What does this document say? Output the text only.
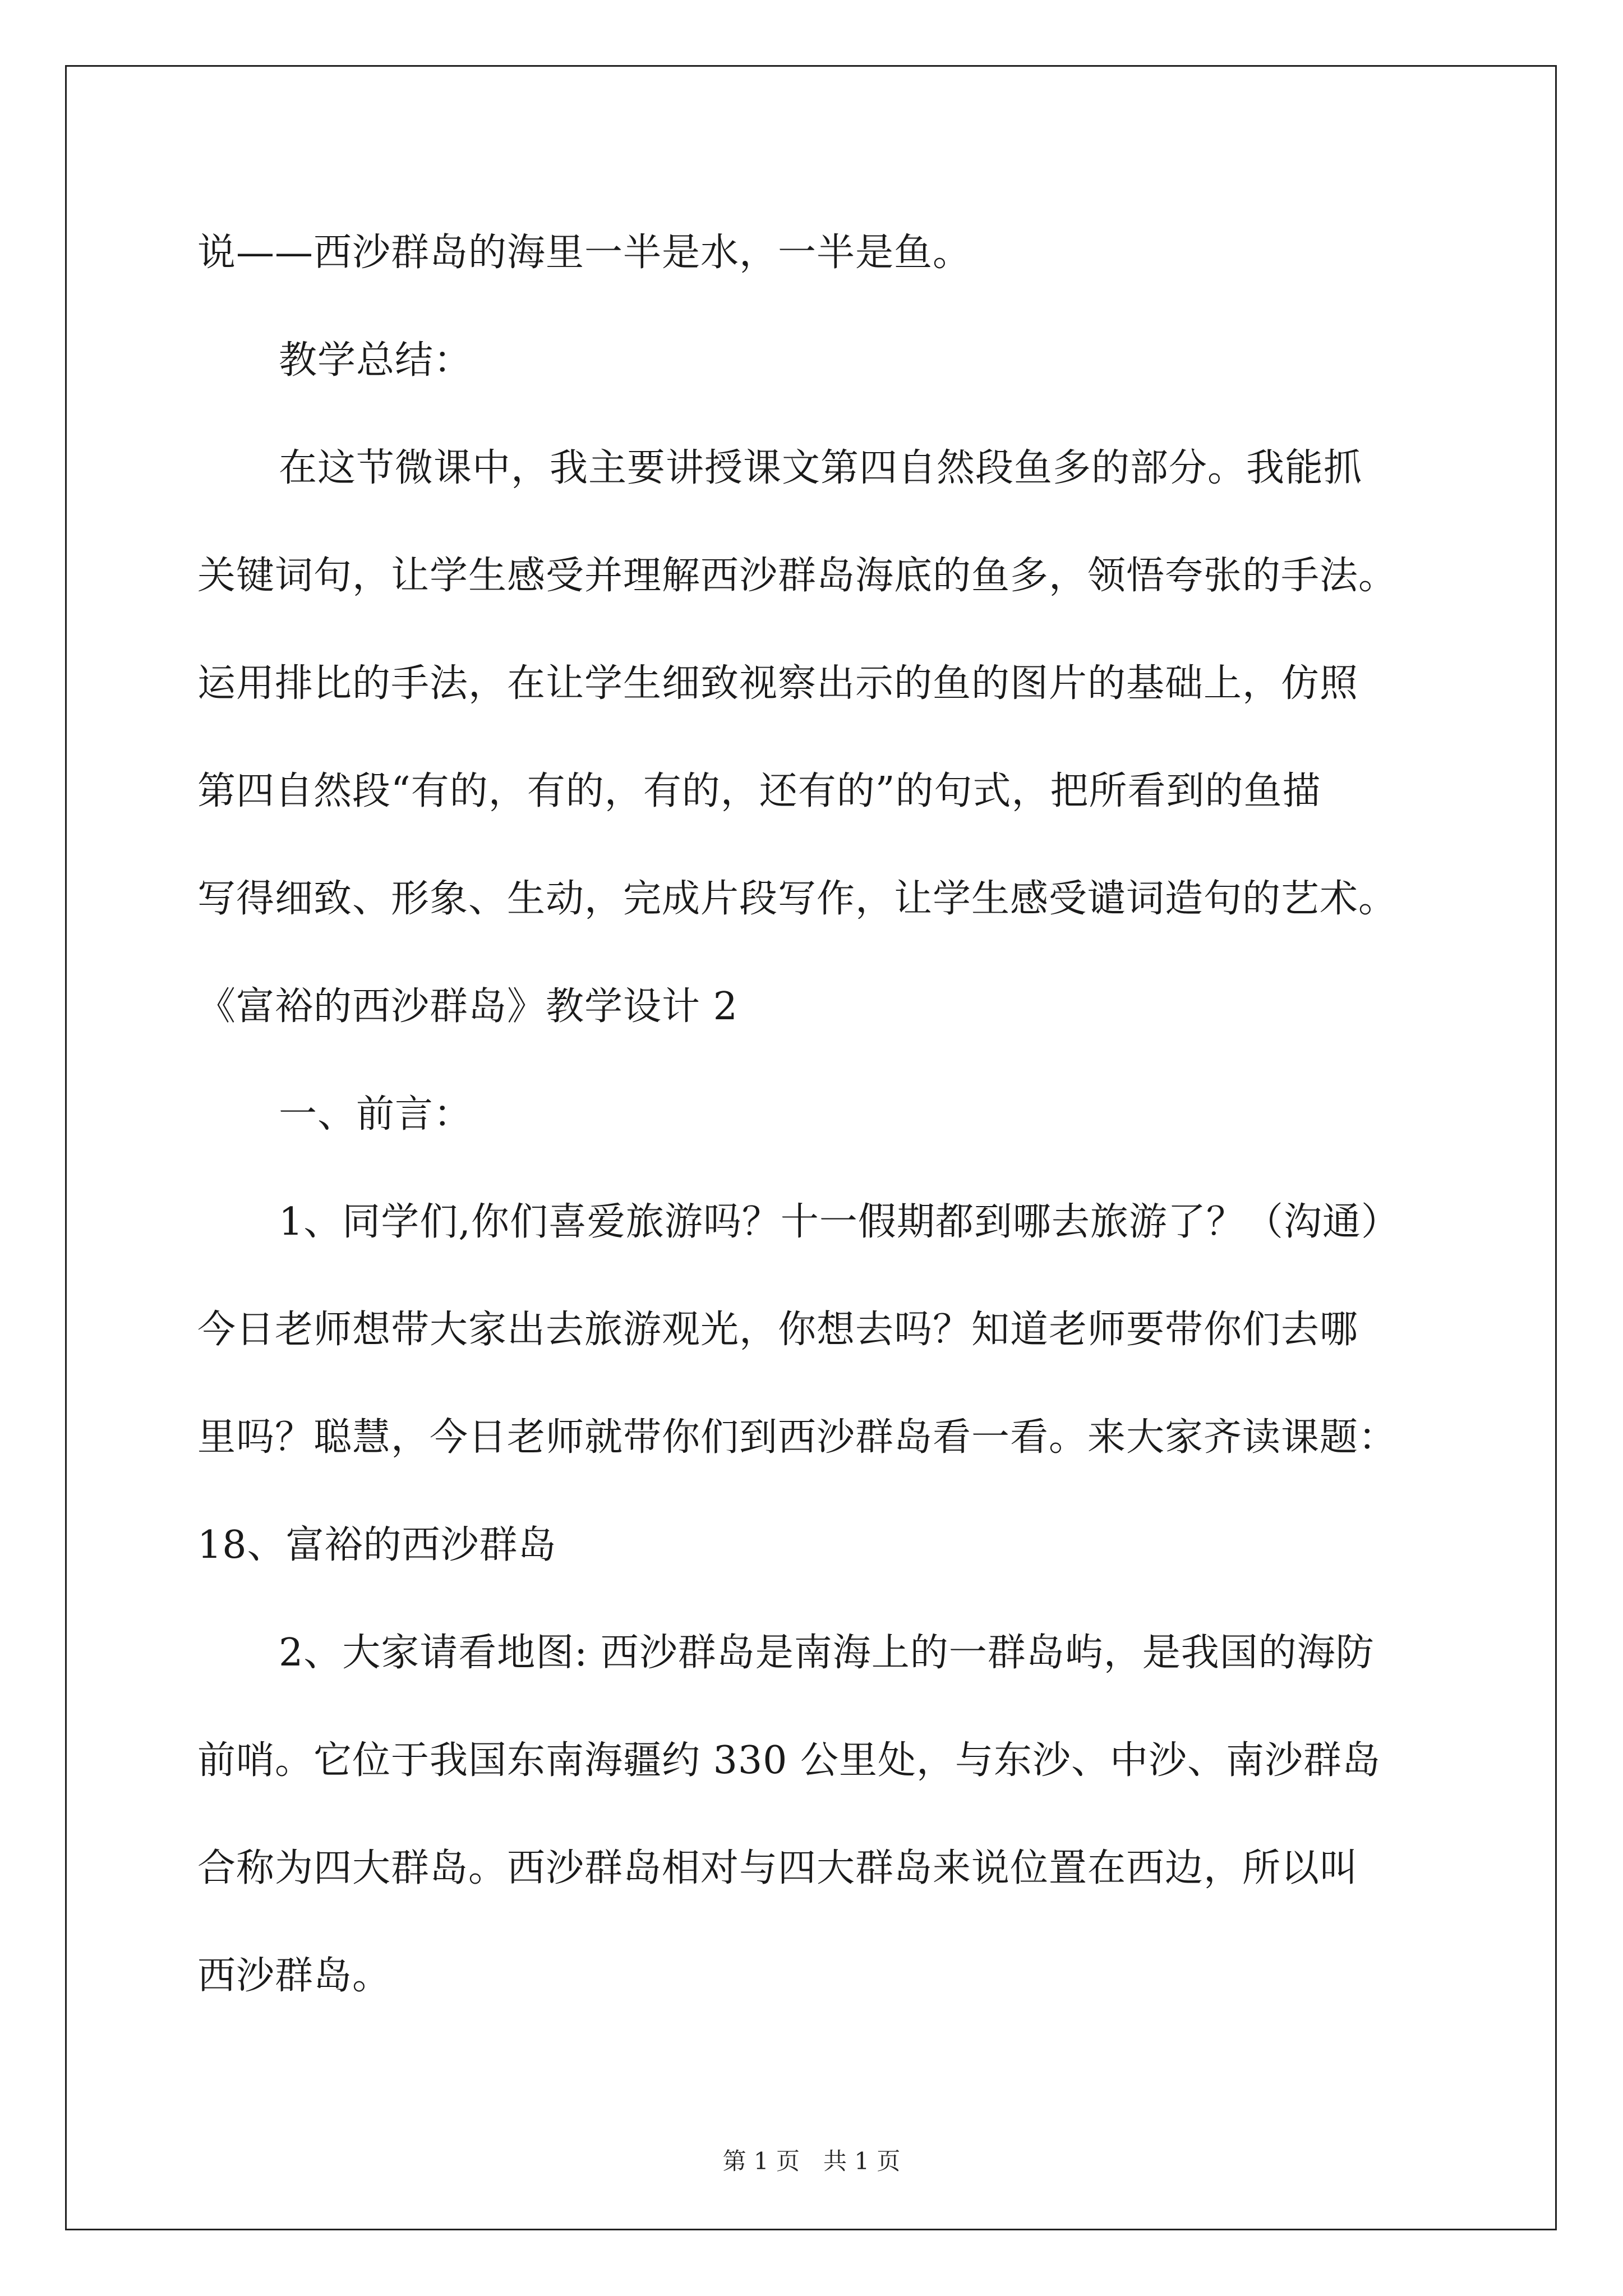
说——西沙群岛的海里一半是水，一半是鱼。
教学总结：
在这节微课中，我主要讲授课文第四自然段鱼多的部分。我能抓
关键词句，让学生感受并理解西沙群岛海底的鱼多，领悟夸张的手法。
运用排比的手法，在让学生细致视察出示的鱼的图片的基础上，仿照
第四自然段“有的，有的，有的，还有的”的句式，把所看到的鱼描
写得细致、形象、生动，完成片段写作，让学生感受谴词造句的艺术。
《富裕的西沙群岛》教学设计 2
一、前言：
1、同学们,你们喜爱旅游吗？十一假期都到哪去旅游了？（沟通）
今日老师想带大家出去旅游观光，你想去吗？知道老师要带你们去哪
里吗？聪慧，今日老师就带你们到西沙群岛看一看。来大家齐读课题：
18、富裕的西沙群岛
2、大家请看地图: 西沙群岛是南海上的一群岛屿，是我国的海防
前哨。它位于我国东南海疆约 330 公里处，与东沙、中沙、南沙群岛
合称为四大群岛。西沙群岛相对与四大群岛来说位置在西边，所以叫
西沙群岛。
第 1 页　共 1 页
